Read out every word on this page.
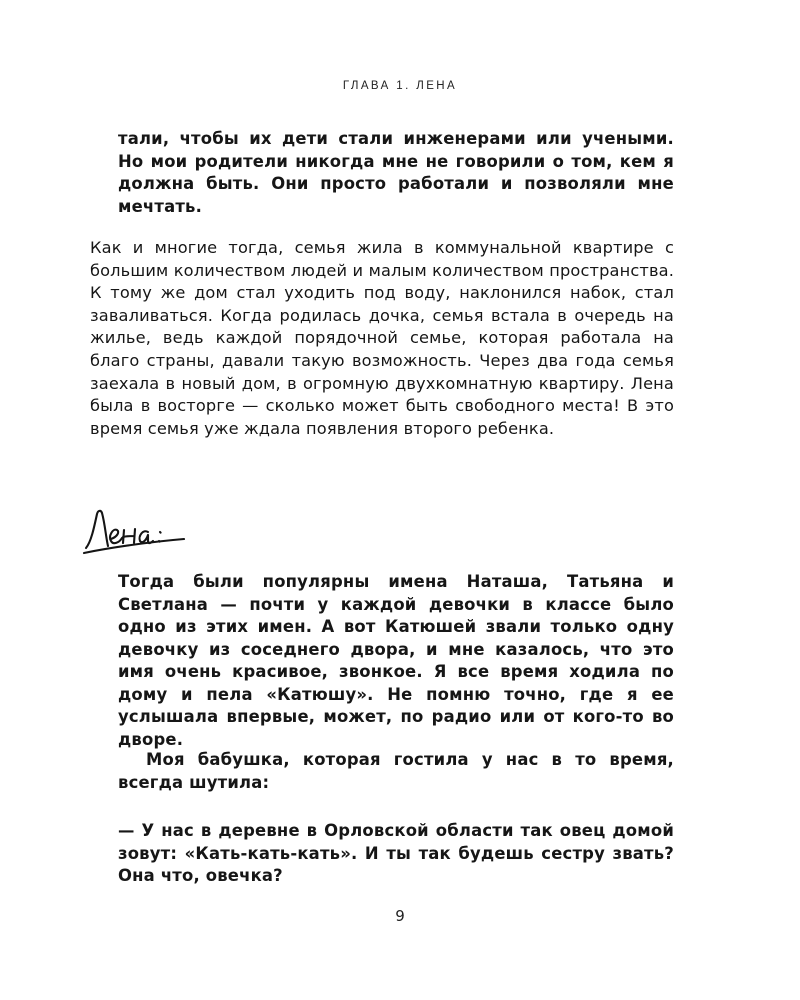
ГЛАВА 1. ЛЕНА

тали, чтобы их дети стали инженерами или учеными. Но мои родители никогда мне не говорили о том, кем я должна быть. Они просто работали и позволяли мне мечтать.

Как и многие тогда, семья жила в коммунальной квартире с большим количеством людей и малым количеством пространства. К тому же дом стал уходить под воду, наклонился набок, стал заваливаться. Когда родилась дочка, семья встала в очередь на жилье, ведь каждой порядочной семье, которая работала на благо страны, давали такую возможность. Через два года семья заехала в новый дом, в огромную двухкомнатную квартиру. Лена была в восторге — сколько может быть свободного места! В это время семья уже ждала появления второго ребенка.

Тогда были популярны имена Наташа, Татьяна и Светлана — почти у каждой девочки в классе было одно из этих имен. А вот Катюшей звали только одну девочку из соседнего двора, и мне казалось, что это имя очень красивое, звонкое. Я все время ходила по дому и пела «Катюшу». Не помню точно, где я ее услышала впервые, может, по радио или от кого-то во дворе.

Моя бабушка, которая гостила у нас в то время, всегда шутила:

— У нас в деревне в Орловской области так овец домой зовут: «Кать-кать-кать». И ты так будешь сестру звать? Она что, овечка?

9
